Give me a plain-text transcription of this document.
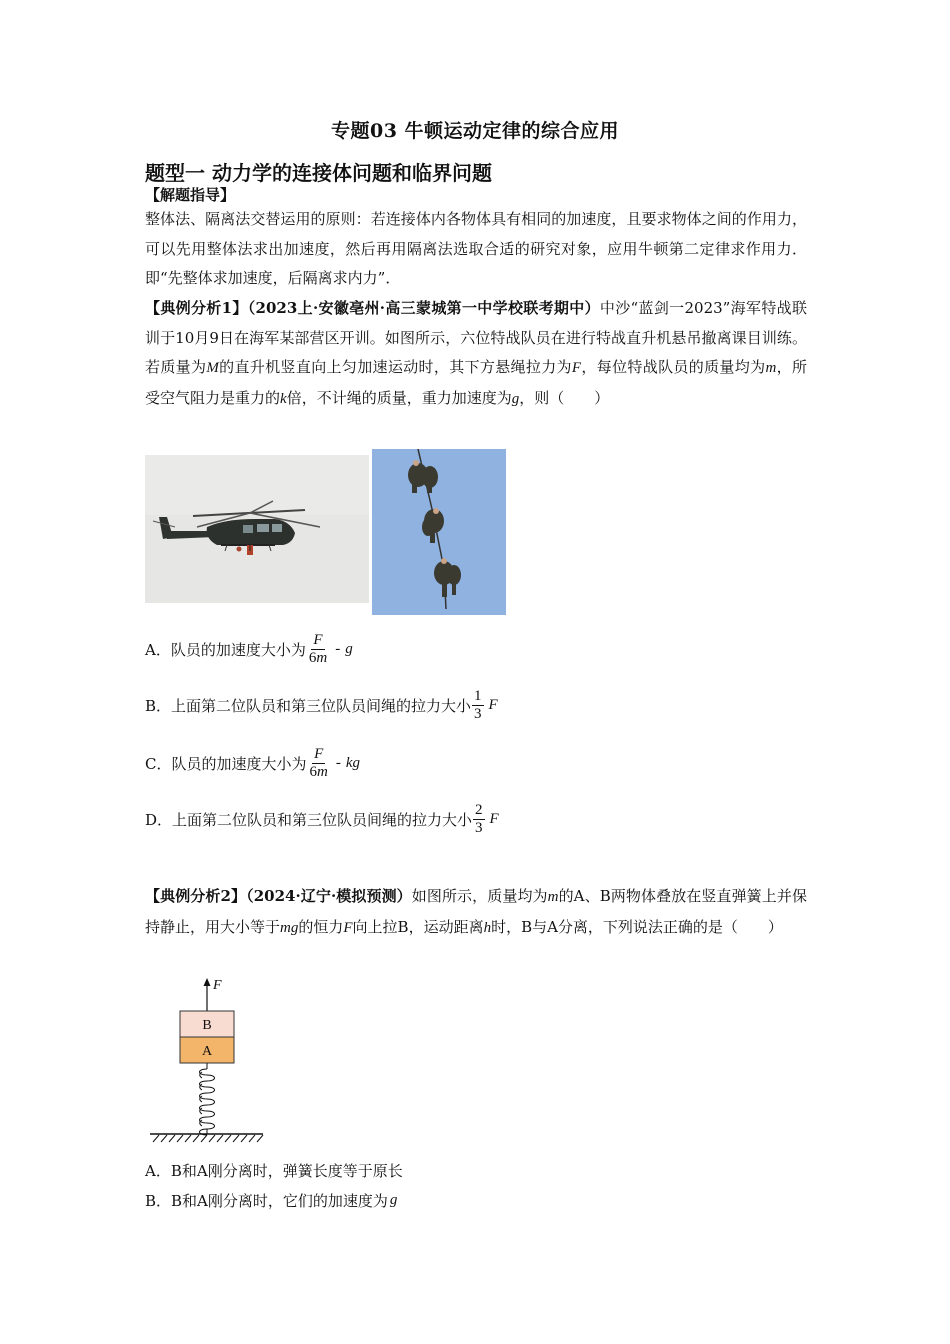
专题03 牛顿运动定律的综合应用
题型一 动力学的连接体问题和临界问题
【解题指导】
整体法、隔离法交替运用的原则：若连接体内各物体具有相同的加速度，且要求物体之间的作用力，可以先用整体法求出加速度，然后再用隔离法选取合适的研究对象，应用牛顿第二定律求作用力．即“先整体求加速度，后隔离求内力”．
【典例分析1】（2023上·安徽亳州·高三蒙城第一中学校联考期中）中沙“蓝剑一2023”海军特战联训于10月9日在海军某部营区开训。如图所示，六位特战队员在进行特战直升机悬吊撤离课目训练。若质量为M的直升机竖直向上匀加速运动时，其下方悬绳拉力为F，每位特战队员的质量均为m，所受空气阻力是重力的k倍，不计绳的质量，重力加速度为g，则（　　）
A．队员的加速度大小为 $\frac{F}{6m}$ - g
B．上面第二位队员和第三位队员间绳的拉力大小 $\frac{1}{3}$ F
C．队员的加速度大小为 $\frac{F}{6m}$ - kg
D．上面第二位队员和第三位队员间绳的拉力大小 $\frac{2}{3}$ F
【典例分析2】（2024·辽宁·模拟预测）如图所示，质量均为m的A、B两物体叠放在竖直弹簧上并保持静止，用大小等于mg的恒力F向上拉B，运动距离h时，B与A分离，下列说法正确的是（　　）
F
B
A
A．B和A刚分离时，弹簧长度等于原长
B．B和A刚分离时，它们的加速度为 g
